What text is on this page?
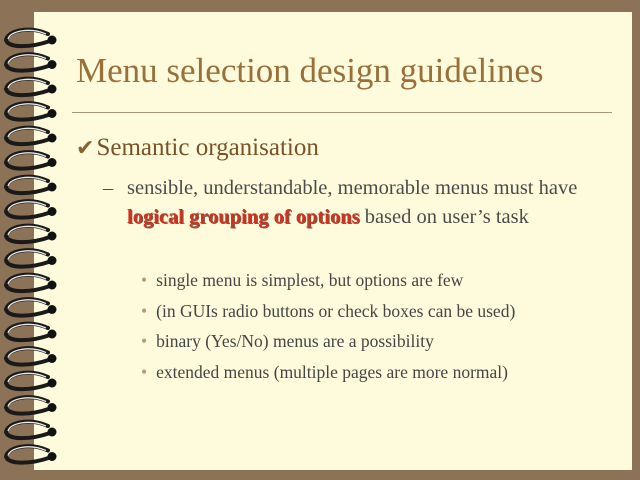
Menu selection design guidelines
✔Semantic organisation
– sensible, understandable, memorable menus must have logical grouping of options based on user’s task
• single menu is simplest, but options are few
• (in GUIs radio buttons or check boxes can be used)
• binary (Yes/No) menus are a possibility
• extended menus (multiple pages are more normal)
